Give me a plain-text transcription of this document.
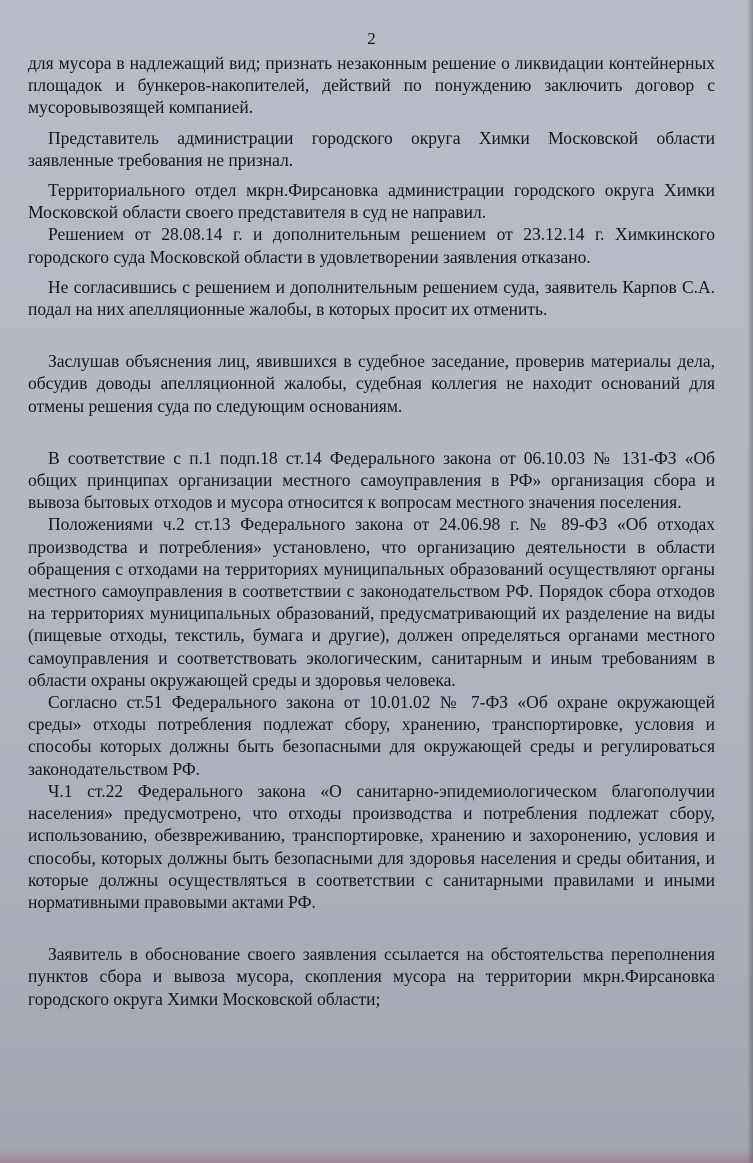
2

для мусора в надлежащий вид; признать незаконным решение о ликвидации контейнерных площадок и бункеров-накопителей, действий по понуждению заключить договор с мусоровывозящей компанией.

Представитель администрации городского округа Химки Московской области заявленные требования не признал.

Территориального отдел мкрн.Фирсановка администрации городского округа Химки Московской области своего представителя в суд не направил.

Решением от 28.08.14 г. и дополнительным решением от 23.12.14 г. Химкинского городского суда Московской области в удовлетворении заявления отказано.

Не согласившись с решением и дополнительным решением суда, заявитель Карпов С.А. подал на них апелляционные жалобы, в которых просит их отменить.

Заслушав объяснения лиц, явившихся в судебное заседание, проверив материалы дела, обсудив доводы апелляционной жалобы, судебная коллегия не находит оснований для отмены решения суда по следующим основаниям.

В соответствие с п.1 подп.18 ст.14 Федерального закона от 06.10.03 № 131-ФЗ «Об общих принципах организации местного самоуправления в РФ» организация сбора и вывоза бытовых отходов и мусора относится к вопросам местного значения поселения.

Положениями ч.2 ст.13 Федерального закона от 24.06.98 г. № 89-ФЗ «Об отходах производства и потребления» установлено, что организацию деятельности в области обращения с отходами на территориях муниципальных образований осуществляют органы местного самоуправления в соответствии с законодательством РФ. Порядок сбора отходов на территориях муниципальных образований, предусматривающий их разделение на виды (пищевые отходы, текстиль, бумага и другие), должен определяться органами местного самоуправления и соответствовать экологическим, санитарным и иным требованиям в области охраны окружающей среды и здоровья человека.

Согласно ст.51 Федерального закона от 10.01.02 № 7-ФЗ «Об охране окружающей среды» отходы потребления подлежат сбору, хранению, транспортировке, условия и способы которых должны быть безопасными для окружающей среды и регулироваться законодательством РФ.

Ч.1 ст.22 Федерального закона «О санитарно-эпидемиологическом благополучии населения» предусмотрено, что отходы производства и потребления подлежат сбору, использованию, обезвреживанию, транспортировке, хранению и захоронению, условия и способы, которых должны быть безопасными для здоровья населения и среды обитания, и которые должны осуществляться в соответствии с санитарными правилами и иными нормативными правовыми актами РФ.

Заявитель в обоснование своего заявления ссылается на обстоятельства переполнения пунктов сбора и вывоза мусора, скопления мусора на территории мкрн.Фирсановка городского округа Химки Московской области;
